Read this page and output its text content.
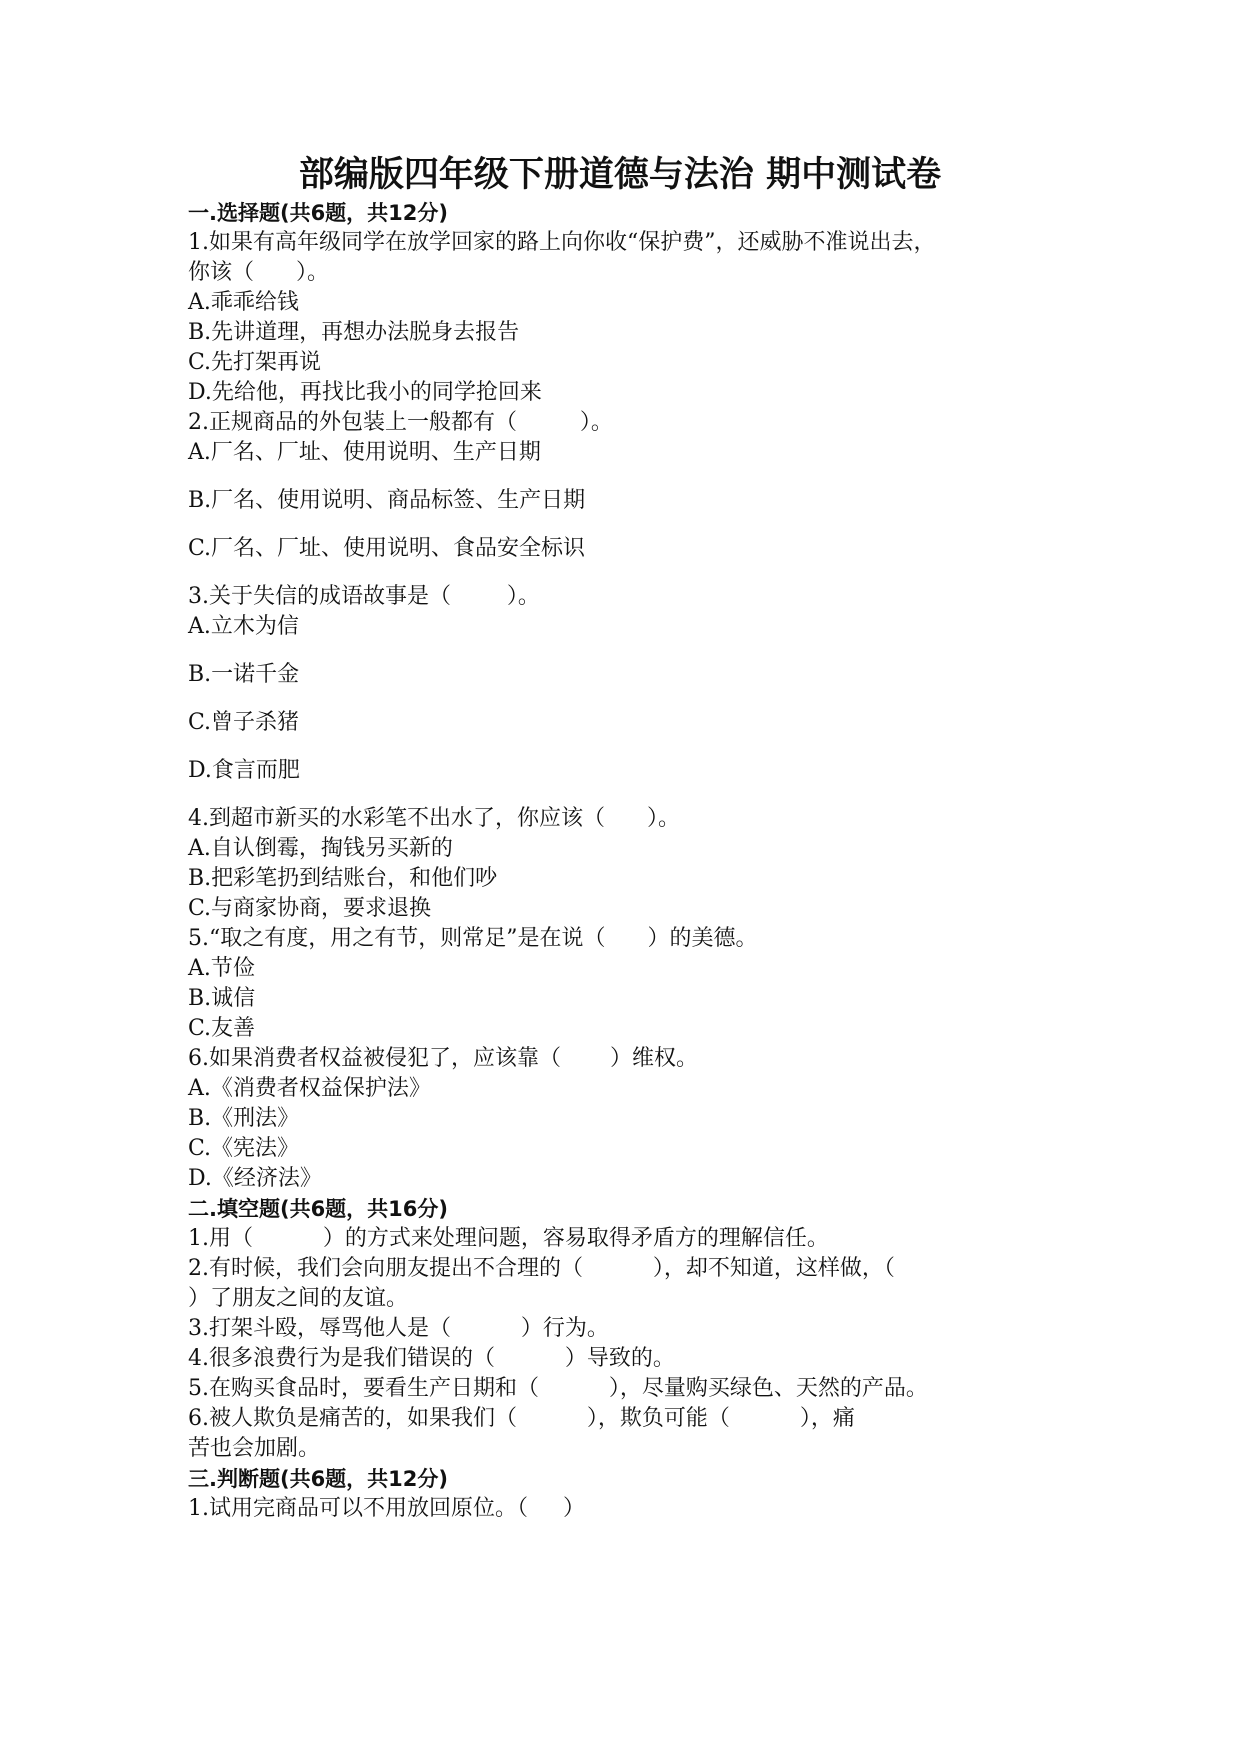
部编版四年级下册道德与法治 期中测试卷
一.选择题(共6题，共12分)

1.如果有高年级同学在放学回家的路上向你收“保护费”，还威胁不准说出去，

你该（      ）。

A.乖乖给钱

B.先讲道理，再想办法脱身去报告

C.先打架再说

D.先给他，再找比我小的同学抢回来

2.正规商品的外包装上一般都有（         ）。

A.厂名、厂址、使用说明、生产日期

B.厂名、使用说明、商品标签、生产日期

C.厂名、厂址、使用说明、食品安全标识

3.关于失信的成语故事是（        ）。

A.立木为信

B.一诺千金

C.曾子杀猪

D.食言而肥

4.到超市新买的水彩笔不出水了，你应该（      ）。

A.自认倒霉，掏钱另买新的

B.把彩笔扔到结账台，和他们吵

C.与商家协商，要求退换

5.“取之有度，用之有节，则常足”是在说（      ）的美德。

A.节俭

B.诚信

C.友善

6.如果消费者权益被侵犯了，应该靠（       ）维权。

A.《消费者权益保护法》

B.《刑法》

C.《宪法》

D.《经济法》

二.填空题(共6题，共16分)

1.用（          ）的方式来处理问题，容易取得矛盾方的理解信任。

2.有时候，我们会向朋友提出不合理的（          ），却不知道，这样做，（

）了朋友之间的友谊。

3.打架斗殴，辱骂他人是（          ）行为。

4.很多浪费行为是我们错误的（          ）导致的。

5.在购买食品时，要看生产日期和（          ），尽量购买绿色、天然的产品。

6.被人欺负是痛苦的，如果我们（          ），欺负可能（          ），痛

苦也会加剧。

三.判断题(共6题，共12分)

1.试用完商品可以不用放回原位。（     ）
